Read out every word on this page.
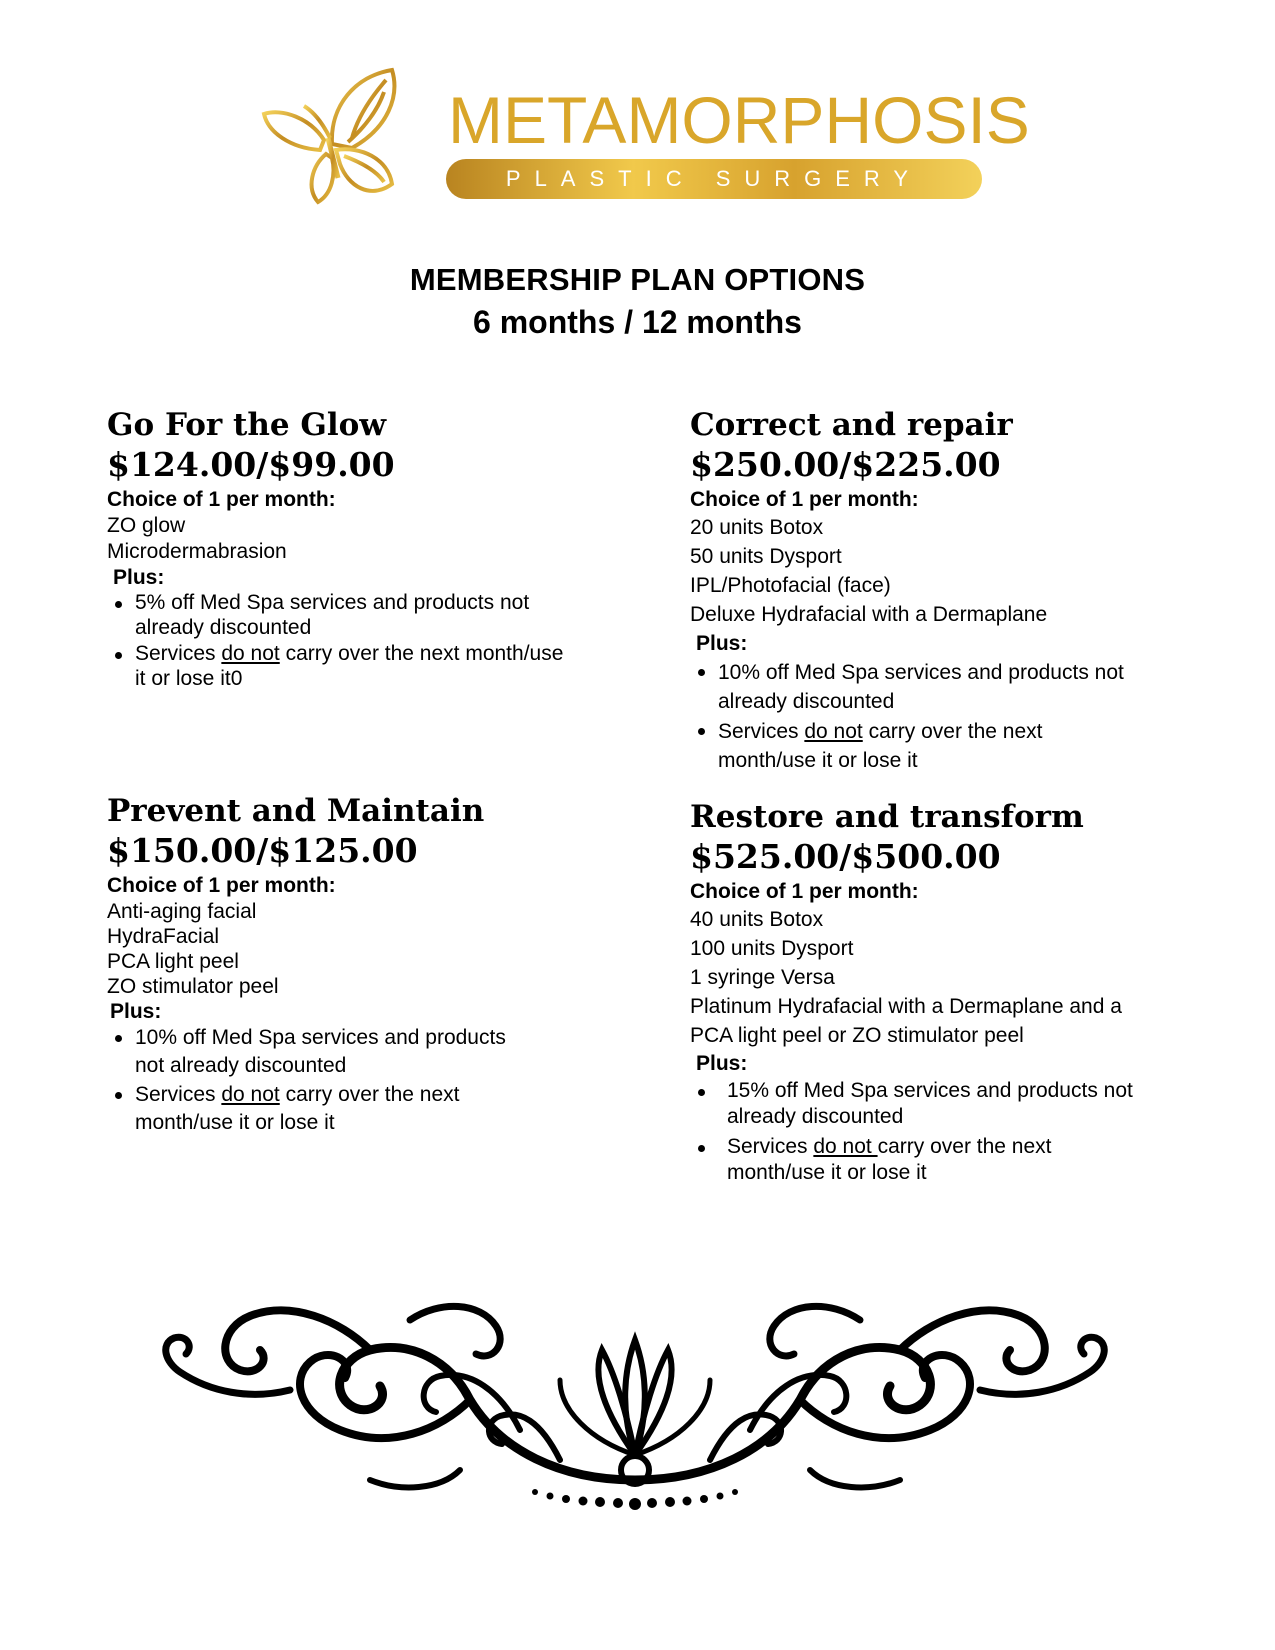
METAMORPHOSIS
PLASTIC SURGERY
MEMBERSHIP PLAN OPTIONS
6 months / 12 months
Go For the Glow
$124.00/$99.00
Choice of 1 per month:
ZO glow
Microdermabrasion
Plus:
5% off Med Spa services and products not already discounted
Services do not carry over the next month/use it or lose it0
Correct and repair
$250.00/$225.00
Choice of 1 per month:
20 units Botox
50 units Dysport
IPL/Photofacial (face)
Deluxe Hydrafacial with a Dermaplane
Plus:
10% off Med Spa services and products not already discounted
Services do not carry over the next month/use it or lose it
Prevent and Maintain
$150.00/$125.00
Choice of 1 per month:
Anti-aging facial
HydraFacial
PCA light peel
ZO stimulator peel
Plus:
10% off Med Spa services and products not already discounted
Services do not carry over the next month/use it or lose it
Restore and transform
$525.00/$500.00
Choice of 1 per month:
40 units Botox
100 units Dysport
1 syringe Versa
Platinum Hydrafacial with a Dermaplane and a PCA light peel or ZO stimulator peel
Plus:
15% off Med Spa services and products not already discounted
Services do not carry over the next month/use it or lose it
